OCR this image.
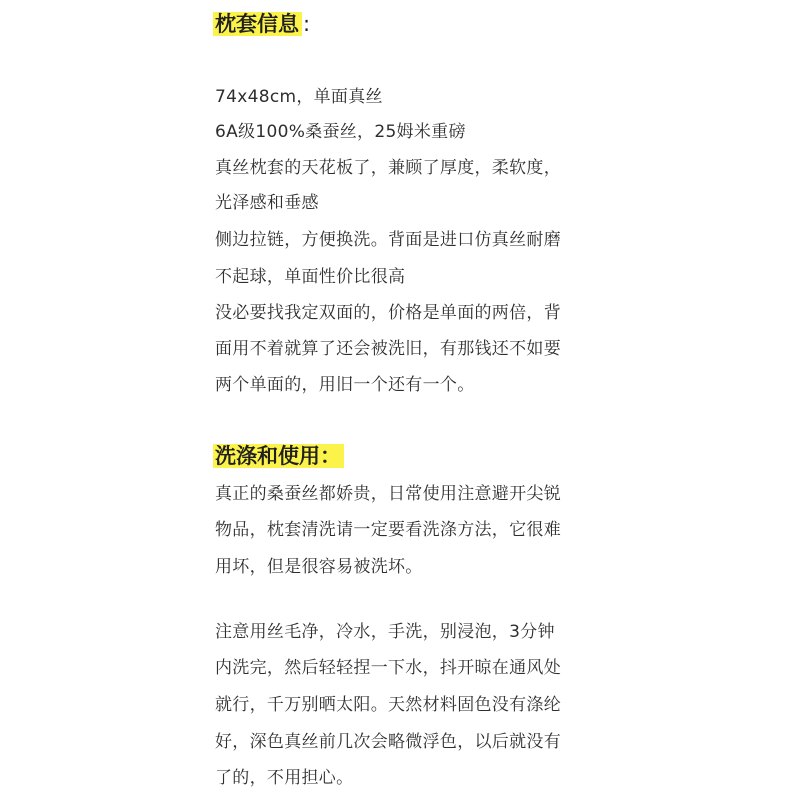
枕套信息 :
74x48cm，单面真丝
6A级100%桑蚕丝，25姆米重磅
真丝枕套的天花板了，兼顾了厚度，柔软度，
光泽感和垂感
侧边拉链，方便换洗。背面是进口仿真丝耐磨
不起球，单面性价比很高
没必要找我定双面的，价格是单面的两倍，背
面用不着就算了还会被洗旧，有那钱还不如要
两个单面的，用旧一个还有一个。
洗涤和使用：
真正的桑蚕丝都娇贵，日常使用注意避开尖锐
物品，枕套清洗请一定要看洗涤方法，它很难
用坏，但是很容易被洗坏。
注意用丝毛净，冷水，手洗，别浸泡，3分钟
内洗完，然后轻轻捏一下水，抖开晾在通风处
就行，千万别晒太阳。天然材料固色没有涤纶
好，深色真丝前几次会略微浮色，以后就没有
了的，不用担心。
